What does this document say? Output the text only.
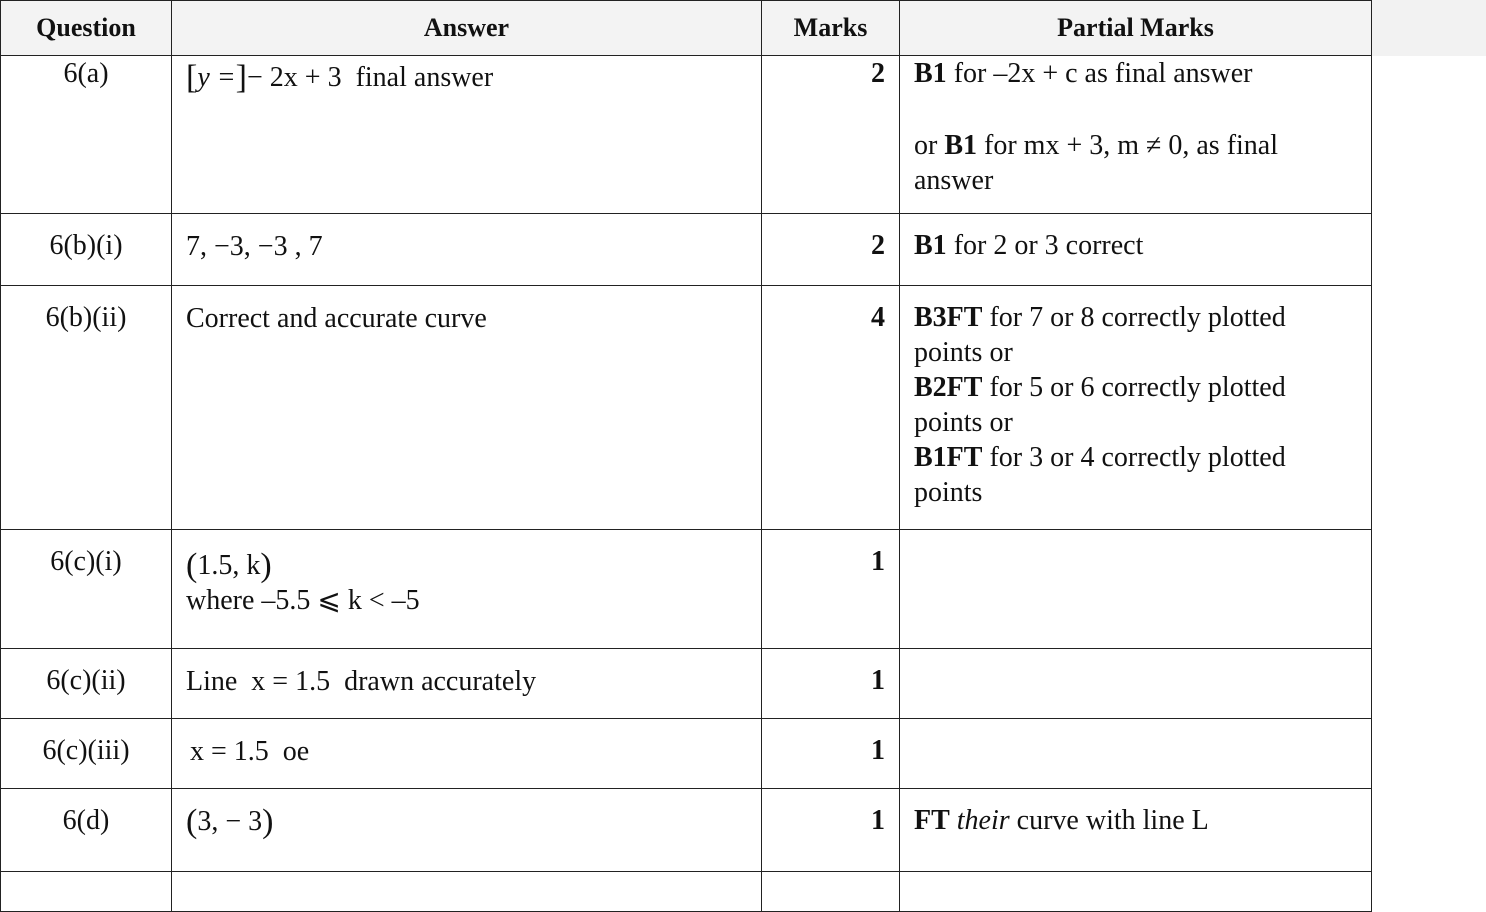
Question	Answer	Marks	Partial Marks
6(a)	[y =]− 2x + 3 final answer	2	B1 for –2x + c as final answer
or B1 for mx + 3, m ≠ 0, as final answer
6(b)(i)	7, −3, −3 , 7	2	B1 for 2 or 3 correct
6(b)(ii)	Correct and accurate curve	4	B3FT for 7 or 8 correctly plotted points or
B2FT for 5 or 6 correctly plotted points or
B1FT for 3 or 4 correctly plotted points
6(c)(i)	(1.5, k)
where –5.5 ⩽ k < –5	1	
6(c)(ii)	Line  x = 1.5  drawn accurately	1	
6(c)(iii)	x = 1.5  oe	1	
6(d)	(3, − 3)	1	FT their curve with line L
